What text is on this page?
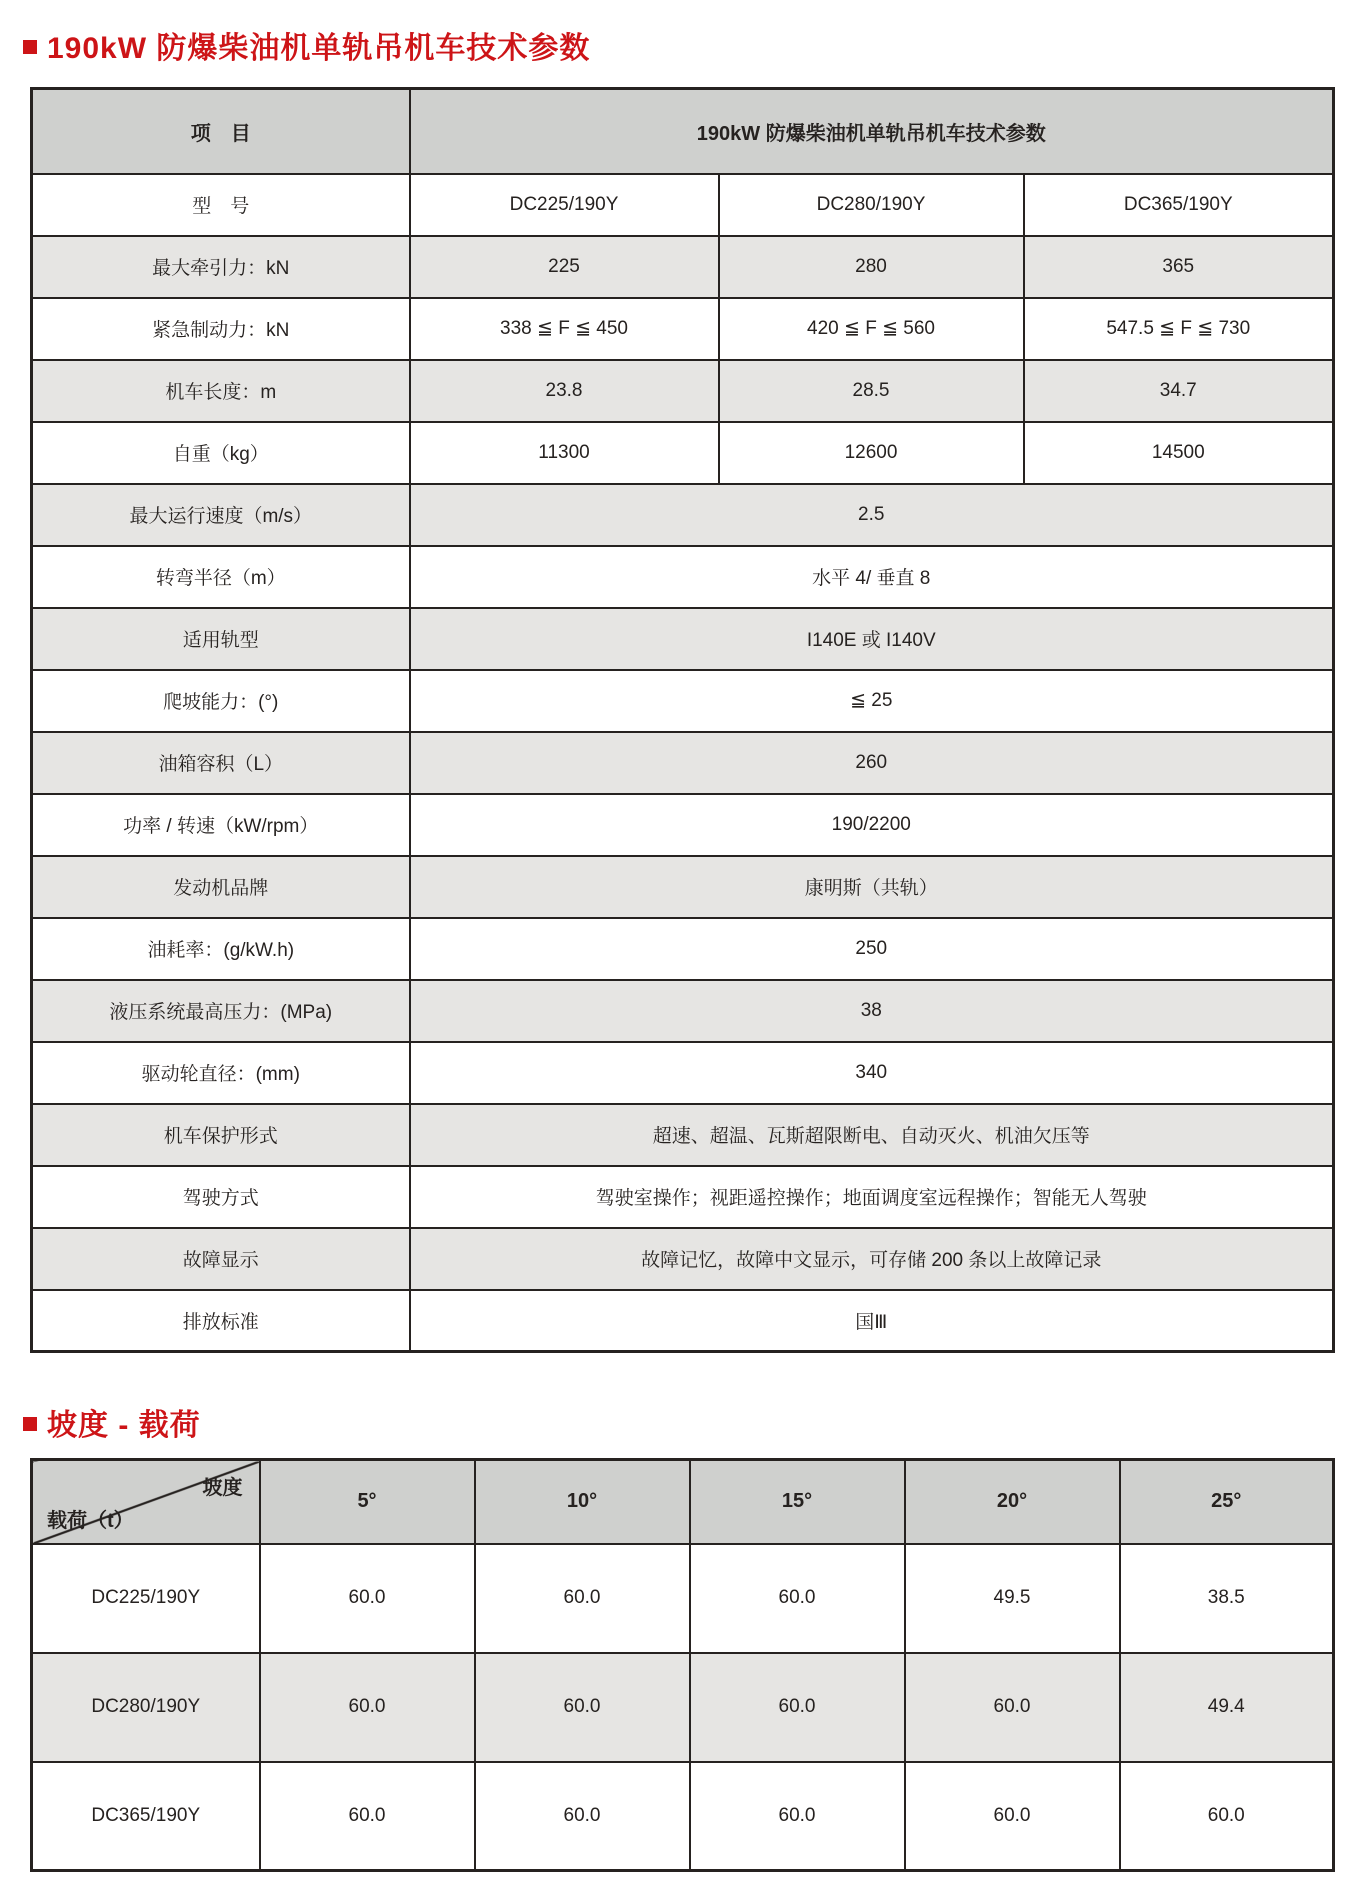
190kW 防爆柴油机单轨吊机车技术参数
项　目	190kW 防爆柴油机单轨吊机车技术参数		
型　号	DC225/190Y	DC280/190Y	DC365/190Y
最大牵引力：kN	225	280	365
紧急制动力：kN	338 ≦ F ≦ 450	420 ≦ F ≦ 560	547.5 ≦ F ≦ 730
机车长度：m	23.8	28.5	34.7
自重（kg）	11300	12600	14500
最大运行速度（m/s）	2.5		
转弯半径（m）	水平 4/ 垂直 8		
适用轨型	I140E 或 I140V		
爬坡能力：(°)	≦ 25		
油箱容积（L）	260		
功率 / 转速（kW/rpm）	190/2200		
发动机品牌	康明斯（共轨）		
油耗率：(g/kW.h)	250		
液压系统最高压力：(MPa)	38		
驱动轮直径：(mm)	340		
机车保护形式	超速、超温、瓦斯超限断电、自动灭火、机油欠压等		
驾驶方式	驾驶室操作；视距遥控操作；地面调度室远程操作；智能无人驾驶		
故障显示	故障记忆，故障中文显示，可存储 200 条以上故障记录		
排放标准	国Ⅲ		
坡度 - 载荷
坡度
载荷（t）	5°	10°	15°	20°	25°
DC225/190Y	60.0	60.0	60.0	49.5	38.5
DC280/190Y	60.0	60.0	60.0	60.0	49.4
DC365/190Y	60.0	60.0	60.0	60.0	60.0
